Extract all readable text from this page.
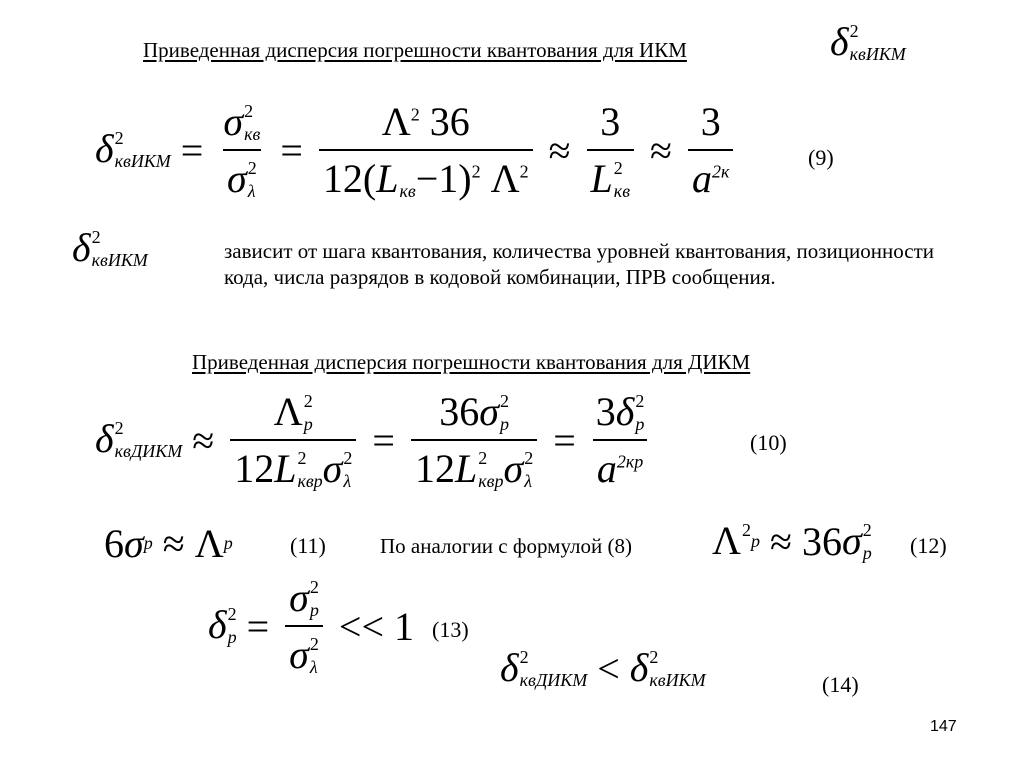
Приведенная дисперсия погрешности квантования для ИКМ	δ 2
квИКМ
δ 2
квИКМ = σ 2
кв
σ 2
$\lambda = \Lambda^2$ 36
12( L
кв −1)$^2$ $\Lambda^2 \approx 3$
L 2
кв ≈ $\frac{3}{a^{2к}}$	(9)
δ 2
квИКМ	зависит от шага квантования, количества уровней квантования, позиционности кода, числа разрядов в кодовой комбинации, ПРВ сообщения.
Приведенная дисперсия погрешности квантования для ДИКМ
δ 2
квДИКМ ≈ Λ 2
p
12 L 2
квp σ 2
λ = 36 σ 2
p
12 L 2
квp σ 2
λ = 3 δ 2
p
$a^{2кp}$	(10)
6 σ p ≈ Λ p	(11)	По аналогии с формулой (8) Λ 2

p ≈ 36 σ 2
p (12)
δ 2
p = σ 2
p
σ 2
λ << 1 (13)
δ 2
квДИКМ < δ 2
квИКМ	(14)
147
